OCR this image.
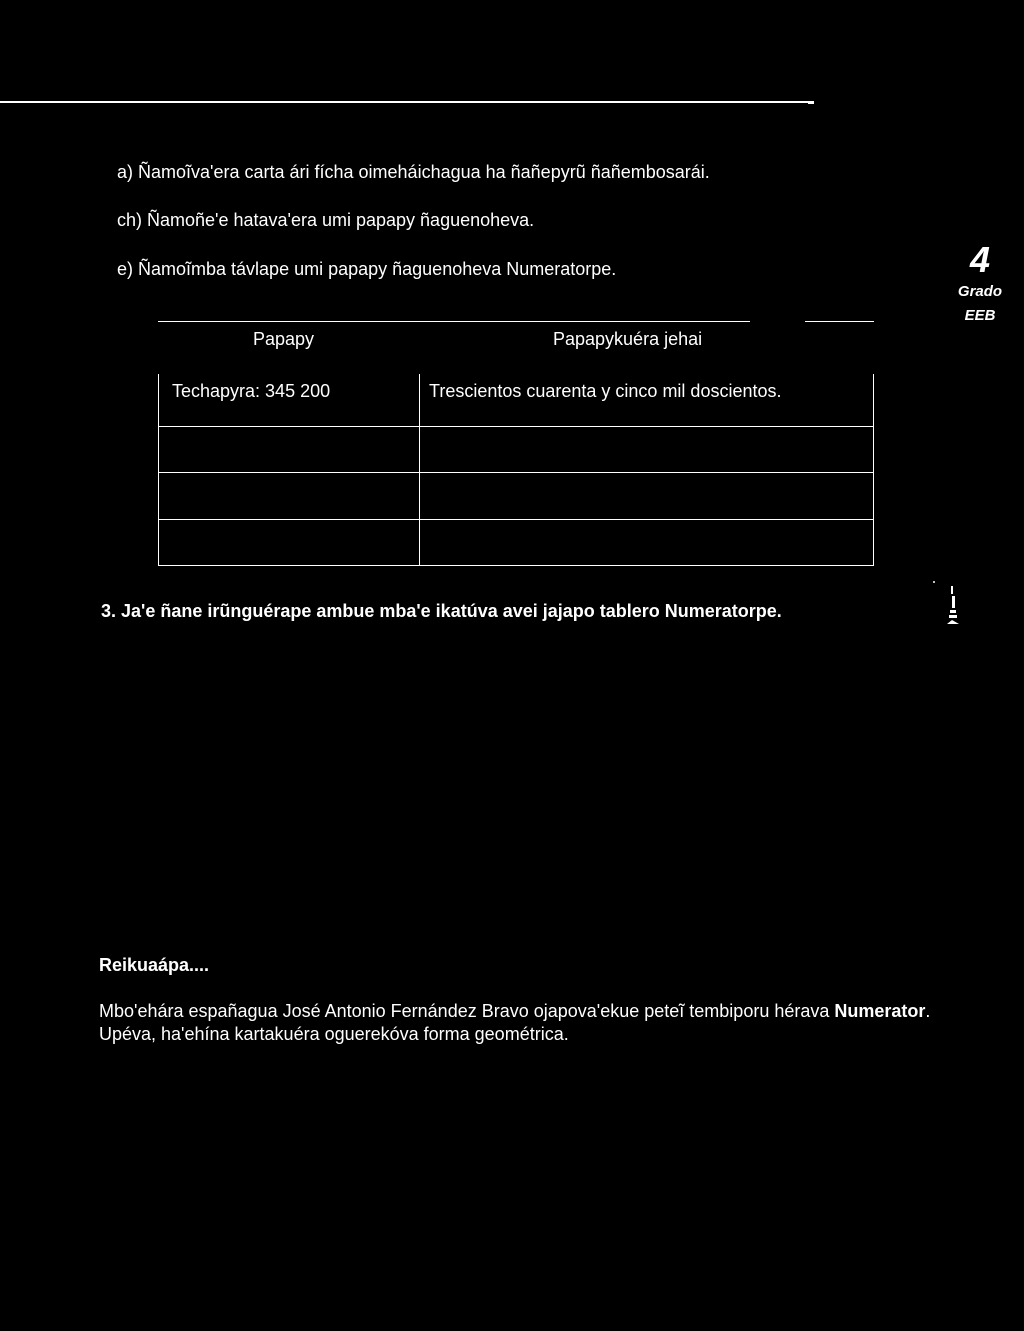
a) Ñamoĩva'era carta ári fícha oimeháichagua ha ñañepyrũ ñañembosarái.
ch) Ñamoñe'e hatava'era umi papapy ñaguenoheva.
e) Ñamoĩmba távlape umi papapy ñaguenoheva Numeratorpe.	4
Grado
EEB
Papapy	Papapykuéra jehai
Techapyra: 345 200	Trescientos cuarenta y cinco mil doscientos.
3. Ja'e ñane irũnguérape ambue mba'e ikatúva avei jajapo tablero Numeratorpe.
Reikuaápa....
Mbo'ehára españagua José Antonio Fernández Bravo ojapova'ekue peteĩ tembiporu hérava Numerator. Upéva, ha'ehína kartakuéra oguerekóva forma geométrica.
